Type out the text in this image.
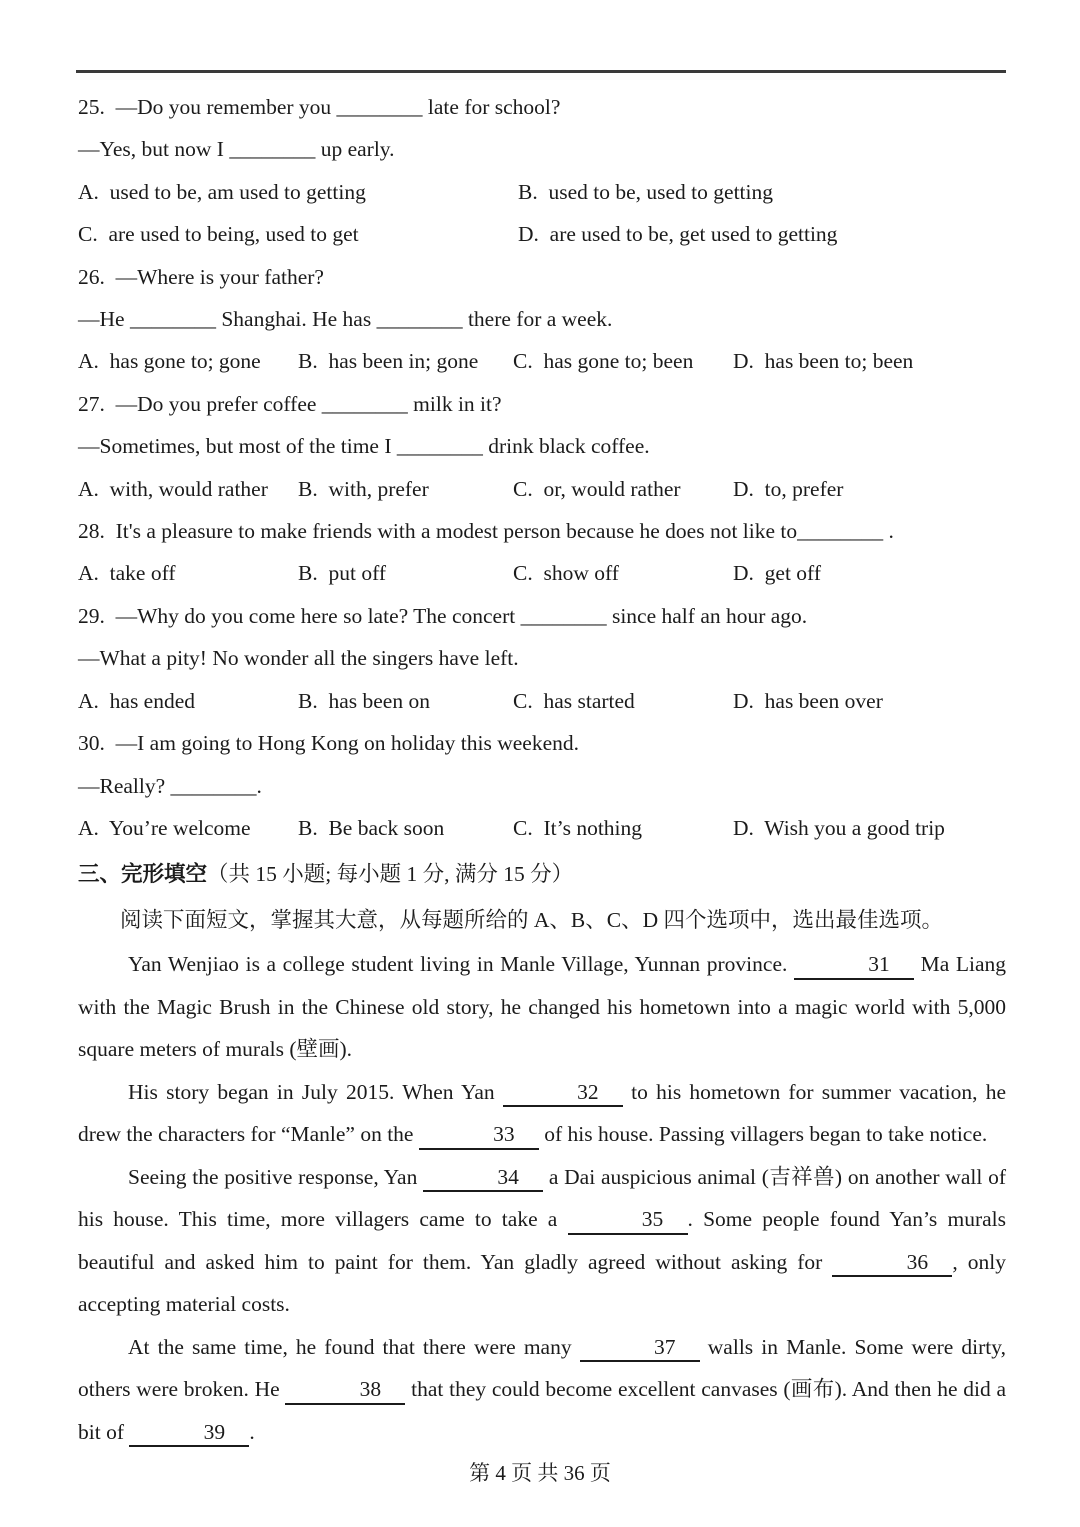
25.  —Do you remember you ________ late for school?
—Yes, but now I ________ up early.
A.  used to be, am used to getting	B.  used to be, used to getting
C.  are used to being, used to get	D.  are used to be, get used to getting
26.  —Where is your father?
—He ________ Shanghai. He has ________ there for a week.
A.  has gone to; gone	B.  has been in; gone	C.  has gone to; been	D.  has been to; been
27.  —Do you prefer coffee ________ milk in it?
—Sometimes, but most of the time I ________ drink black coffee.
A.  with, would rather	B.  with, prefer	C.  or, would rather	D.  to, prefer
28.  It's a pleasure to make friends with a modest person because he does not like to________ .
A.  take off	B.  put off	C.  show off	D.  get off
29.  —Why do you come here so late? The concert ________ since half an hour ago.
—What a pity! No wonder all the singers have left.
A.  has ended	B.  has been on	C.  has started	D.  has been over
30.  —I am going to Hong Kong on holiday this weekend.
—Really? ________.
A.  You’re welcome	B.  Be back soon	C.  It’s nothing	D.  Wish you a good trip
三、完形填空（共 15 小题; 每小题 1 分, 满分 15 分）
阅读下面短文，掌握其大意，从每题所给的 A、B、C、D 四个选项中，选出最佳选项。

Yan Wenjiao is a college student living in Manle Village, Yunnan province.	31 Ma Liang with the Magic Brush in the Chinese old story, he changed his hometown into a magic world with 5,000 square meters of murals (壁画).

His story began in July 2015. When Yan	32 to his hometown for summer vacation, he drew the characters for “Manle” on the	33 of his house. Passing villagers began to take notice.

Seeing the positive response, Yan	34 a Dai auspicious animal (吉祥兽) on another wall of his house. This time, more villagers came to take a	35 . Some people found Yan’s murals beautiful and asked him to paint for them. Yan gladly agreed without asking for	36 , only accepting material costs.

At the same time, he found that there were many	37 walls in Manle. Some were dirty, others were broken. He	38 that they could become excellent canvases (画布). And then he did a bit of	39 .

第 4 页 共 36 页
